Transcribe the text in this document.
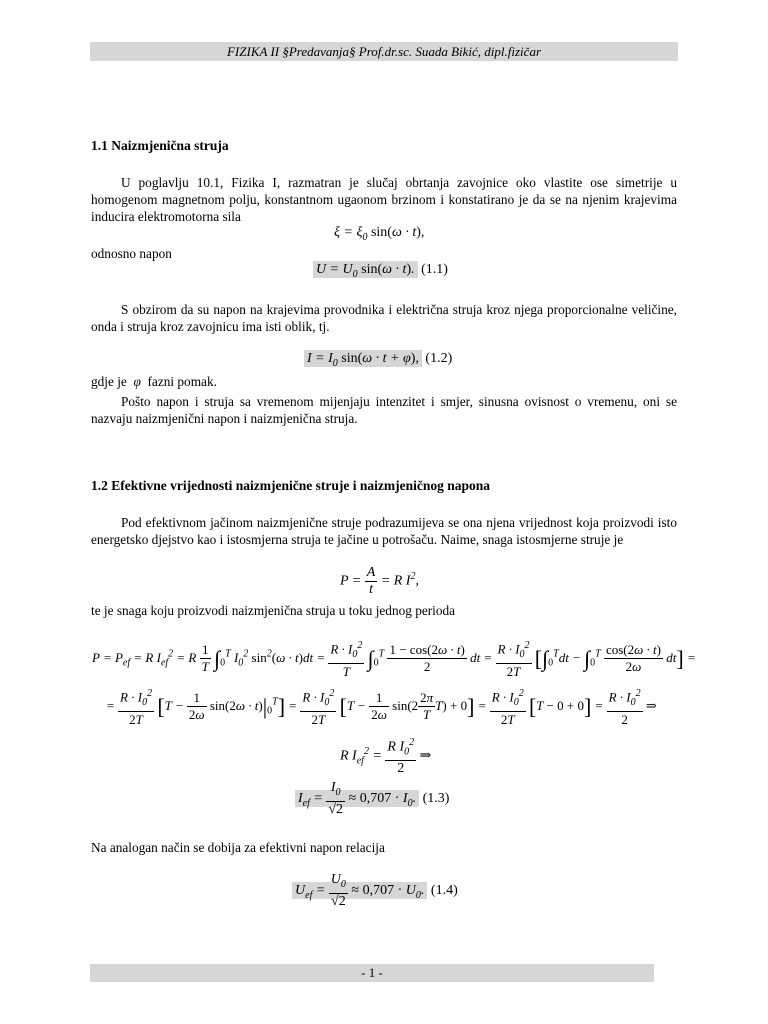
FIZIKA II §Predavanja§ Prof.dr.sc. Suada Bikić, dipl.fizičar
1.1 Naizmjenična struja
U poglavlju 10.1, Fizika I, razmatran je slučaj obrtanja zavojnice oko vlastite ose simetrije u homogenom magnetnom polju, konstantnom ugaonom brzinom i konstatirano je da se na njenim krajevima inducira elektromotorna sila
$\xi = \xi_0$ sin(ω · t),
odnosno napon
$U = U_0$ sin(ω · t). (1.1)
S obzirom da su napon na krajevima provodnika i električna struja kroz njega proporcionalne veličine, onda i struja kroz zavojnicu ima isti oblik, tj.
$I = I_0$ sin(ω · t + φ), (1.2)
gdje je  φ  fazni pomak.
Pošto napon i struja sa vremenom mijenjaju intenzitet i smjer, sinusna ovisnost o vremenu, oni se nazvaju naizmjenični napon i naizmjenična struja.
1.2 Efektivne vrijednosti naizmjenične struje i naizmjeničnog napona
Pod efektivnom jačinom naizmjenične struje podrazumijeva se ona njena vrijednost koja proizvodi isto energetsko djejstvo kao i istosmjerna struja te jačine u potrošaču. Naime, snaga istosmjerne struje je
$P = \frac{A}{t} = R$ $I^2$,
te je snaga koju proizvodi naizmjenična struja u toku jednog perioda
$P = P_{ef} = R$ $I_{ef}^2 = R \frac{1}{T} \int_0^T$ $I_0^2$ $\sin^2(\omega \cdot t)dt = \frac{R \cdot I_0^2}{T} \int_0^T \frac{1 - \cos(2\omega \cdot t)}{2}$ dt = $\frac{R \cdot I_0^2}{2T} [\int_0^Tdt - \int_0^T \frac{\cos(2\omega \cdot t)}{2\omega} dt]$ =
= $\frac{R \cdot I_0^2}{2T} [T - \frac{1}{2\omega} \sin(2\omega \cdot t)|_0^T] = \frac{R \cdot I_0^2}{2T} [T - \frac{1}{2\omega} \sin(2 \frac{2\pi}{T} T) + 0] = \frac{R \cdot I_0^2}{2T} [T - 0 + 0] = \frac{R \cdot I_0^2}{2}$ ⇒
R $I_{ef}^2 = \frac{R I_0^2}{2}$ ⇒
$I_{ef} = \frac{I_0}{√2} \approx 0,707 \cdot I_0$. (1.3)
Na analogan način se dobija za efektivni napon relacija
$U_{ef} = \frac{U_0}{√2} \approx 0,707 \cdot U_0$. (1.4)
- 1 -
